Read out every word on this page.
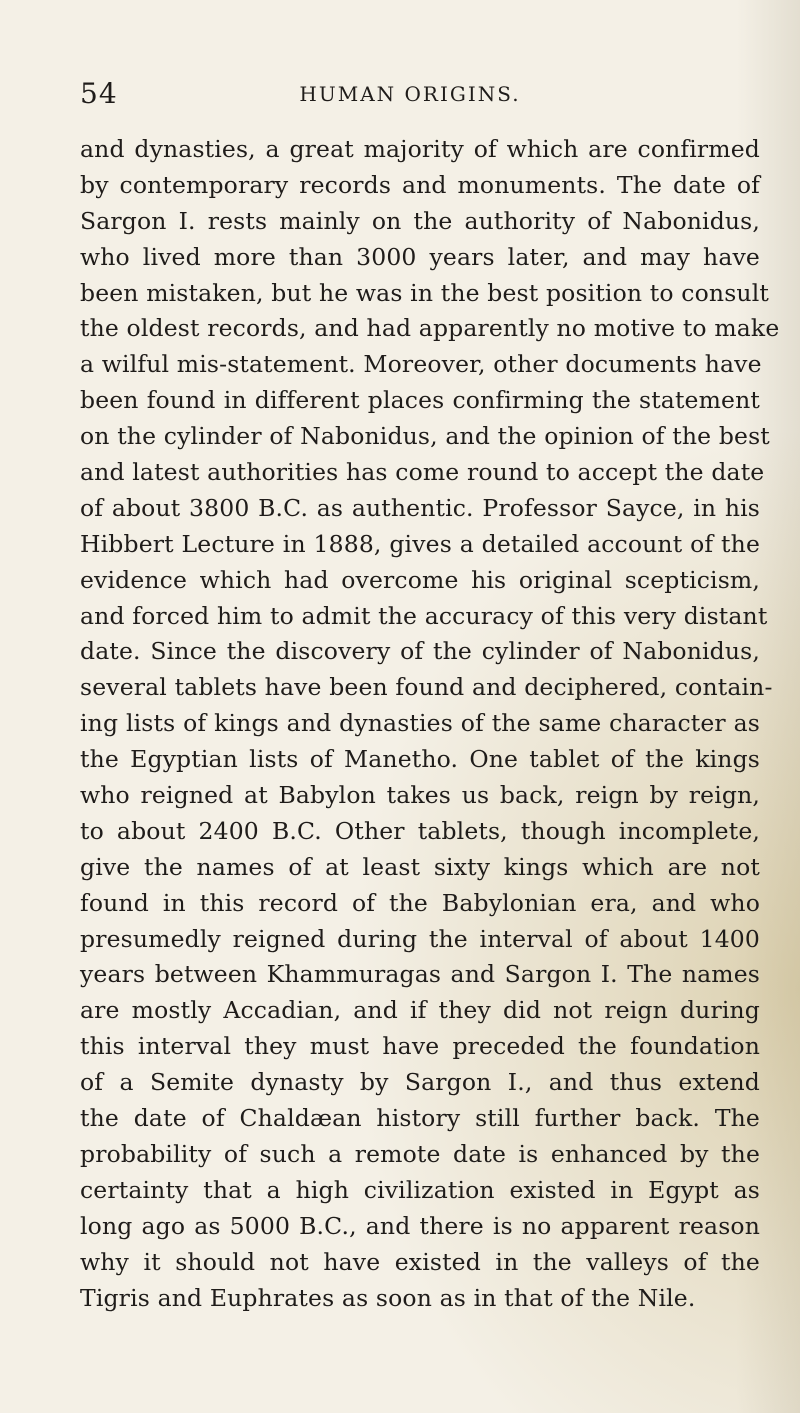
54	HUMAN ORIGINS.
and dynasties, a great majority of which are confirmed
by contemporary records and monuments. The date of
Sargon I. rests mainly on the authority of Nabonidus,
who lived more than 3000 years later, and may have
been mistaken, but he was in the best position to consult
the oldest records, and had apparently no motive to make
a wilful mis-statement. Moreover, other documents have
been found in different places confirming the statement
on the cylinder of Nabonidus, and the opinion of the best
and latest authorities has come round to accept the date
of about 3800 B.C. as authentic. Professor Sayce, in his
Hibbert Lecture in 1888, gives a detailed account of the
evidence which had overcome his original scepticism,
and forced him to admit the accuracy of this very distant
date. Since the discovery of the cylinder of Nabonidus,
several tablets have been found and deciphered, contain-
ing lists of kings and dynasties of the same character as
the Egyptian lists of Manetho. One tablet of the kings
who reigned at Babylon takes us back, reign by reign,
to about 2400 B.C. Other tablets, though incomplete,
give the names of at least sixty kings which are not
found in this record of the Babylonian era, and who
presumedly reigned during the interval of about 1400
years between Khammuragas and Sargon I. The names
are mostly Accadian, and if they did not reign during
this interval they must have preceded the foundation
of a Semite dynasty by Sargon I., and thus extend
the date of Chaldæan history still further back. The
probability of such a remote date is enhanced by the
certainty that a high civilization existed in Egypt as
long ago as 5000 B.C., and there is no apparent reason
why it should not have existed in the valleys of the
Tigris and Euphrates as soon as in that of the Nile.
